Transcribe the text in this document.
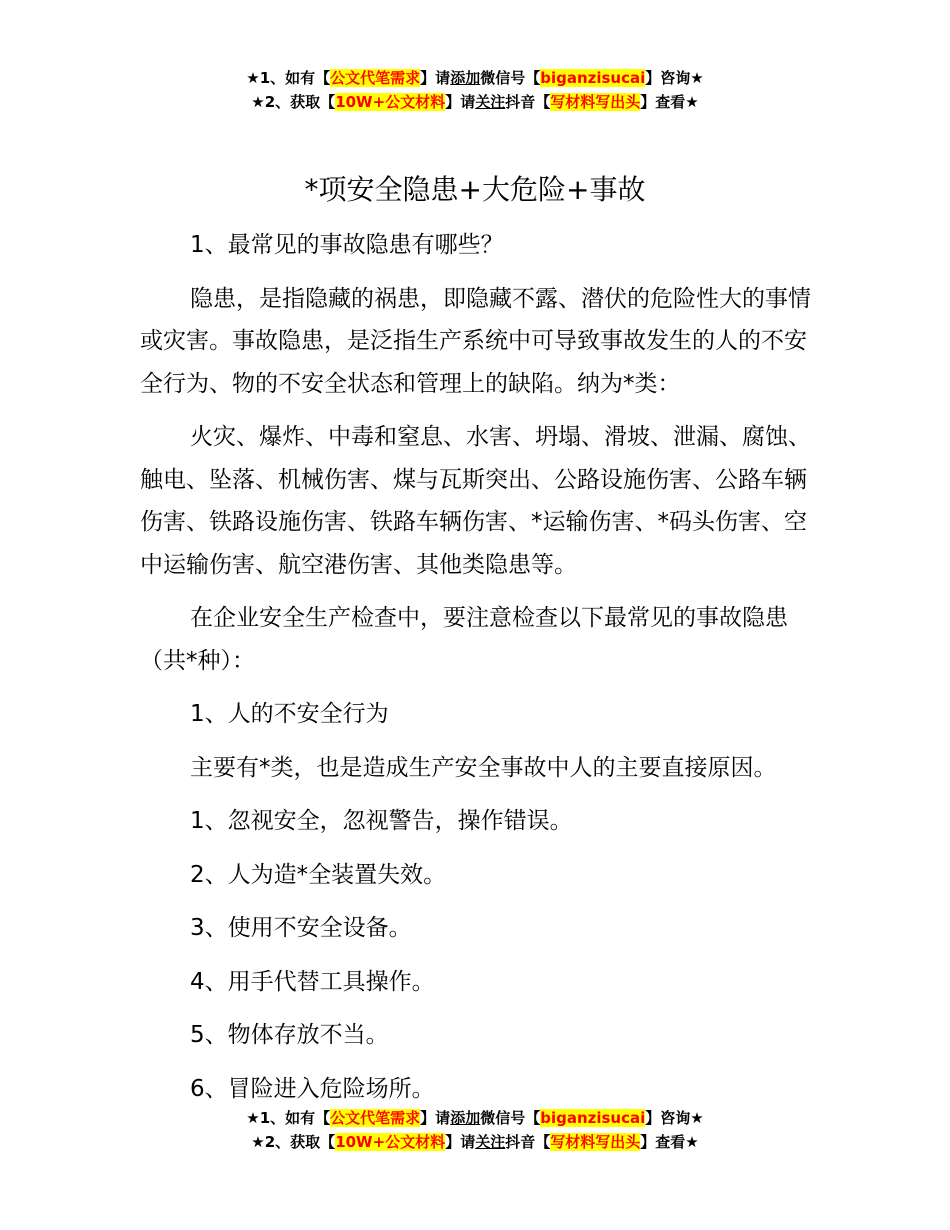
★1、如有【公文代笔需求】请添加微信号【biganzisucai】咨询★
★2、获取【10W+公文材料】请关注抖音【写材料写出头】查看★
*项安全隐患+大危险+事故

1、最常见的事故隐患有哪些？

隐患，是指隐藏的祸患，即隐藏不露、潜伏的危险性大的事情或灾害。事故隐患，是泛指生产系统中可导致事故发生的人的不安全行为、物的不安全状态和管理上的缺陷。纳为*类：

火灾、爆炸、中毒和窒息、水害、坍塌、滑坡、泄漏、腐蚀、触电、坠落、机械伤害、煤与瓦斯突出、公路设施伤害、公路车辆伤害、铁路设施伤害、铁路车辆伤害、*运输伤害、*码头伤害、空中运输伤害、航空港伤害、其他类隐患等。

在企业安全生产检查中，要注意检查以下最常见的事故隐患（共*种）：

1、人的不安全行为

主要有*类，也是造成生产安全事故中人的主要直接原因。

1、忽视安全，忽视警告，操作错误。

2、人为造*全装置失效。

3、使用不安全设备。

4、用手代替工具操作。

5、物体存放不当。

6、冒险进入危险场所。

★1、如有【公文代笔需求】请添加微信号【biganzisucai】咨询★
★2、获取【10W+公文材料】请关注抖音【写材料写出头】查看★
